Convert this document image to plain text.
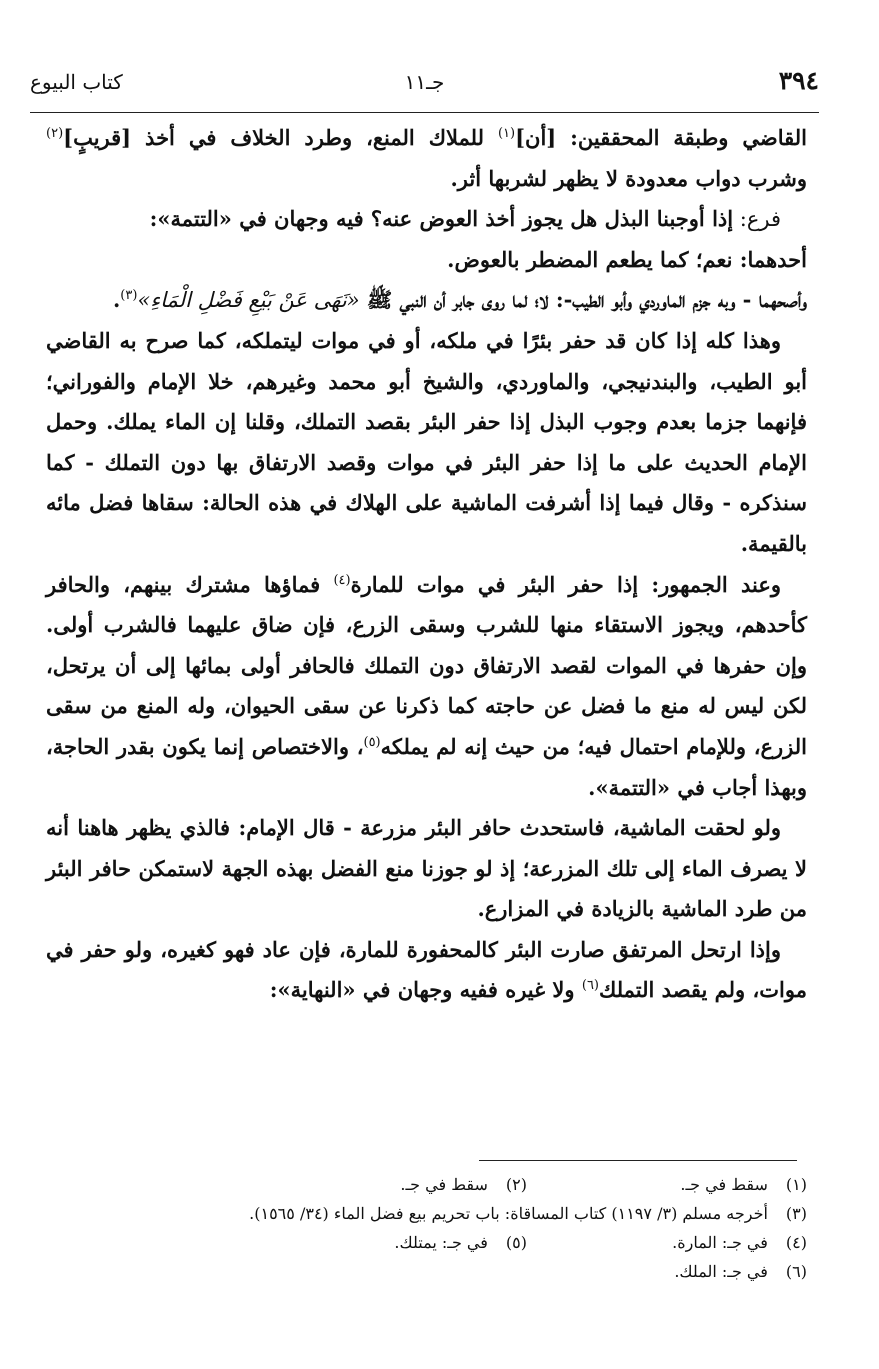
٣٩٤
جـ١١
كتاب البيوع

القاضي وطبقة المحققين: [أن]$^{(١)}$ للملاك المنع، وطرد الخلاف في أخذ [قريبٍ]$^{(٢)}$ وشرب دواب معدودة لا يظهر لشربها أثر.

فرع: إذا أوجبنا البذل هل يجوز أخذ العوض عنه؟ فيه وجهان في «التتمة»:

أحدهما: نعم؛ كما يطعم المضطر بالعوض.

وأصحهما - وبه جزم الماوردي وأبو الطيب-: لا؛ لما روى جابر أن النبي ﷺ «نَهَى عَنْ بَيْعِ فَضْلِ الْمَاءِ»$^{(٣)}$.

وهذا كله إذا كان قد حفر بئرًا في ملكه، أو في موات ليتملكه، كما صرح به القاضي أبو الطيب، والبندنيجي، والماوردي، والشيخ أبو محمد وغيرهم، خلا الإمام والفوراني؛ فإنهما جزما بعدم وجوب البذل إذا حفر البئر بقصد التملك، وقلنا إن الماء يملك. وحمل الإمام الحديث على ما إذا حفر البئر في موات وقصد الارتفاق بها دون التملك - كما سنذكره - وقال فيما إذا أشرفت الماشية على الهلاك في هذه الحالة: سقاها فضل مائه بالقيمة.

وعند الجمهور: إذا حفر البئر في موات للمارة$^{(٤)}$ فماؤها مشترك بينهم، والحافر كأحدهم، ويجوز الاستقاء منها للشرب وسقى الزرع، فإن ضاق عليهما فالشرب أولى. وإن حفرها في الموات لقصد الارتفاق دون التملك فالحافر أولى بمائها إلى أن يرتحل، لكن ليس له منع ما فضل عن حاجته كما ذكرنا عن سقى الحيوان، وله المنع من سقى الزرع، وللإمام احتمال فيه؛ من حيث إنه لم يملكه$^{(٥)}$، والاختصاص إنما يكون بقدر الحاجة، وبهذا أجاب في «التتمة».

ولو لحقت الماشية، فاستحدث حافر البئر مزرعة - قال الإمام: فالذي يظهر هاهنا أنه لا يصرف الماء إلى تلك المزرعة؛ إذ لو جوزنا منع الفضل بهذه الجهة لاستمكن حافر البئر من طرد الماشية بالزيادة في المزارع.

وإذا ارتحل المرتفق صارت البئر كالمحفورة للمارة، فإن عاد فهو كغيره، ولو حفر في موات، ولم يقصد التملك$^{(٦)}$ ولا غيره ففيه وجهان في «النهاية»:

(١) سقط في جـ.
(٢) سقط في جـ.
(٣) أخرجه مسلم (٣/ ١١٩٧) كتاب المساقاة: باب تحريم بيع فضل الماء (٣٤/ ١٥٦٥).
(٤) في جـ: المارة.
(٥) في جـ: يمتلك.
(٦) في جـ: الملك.
